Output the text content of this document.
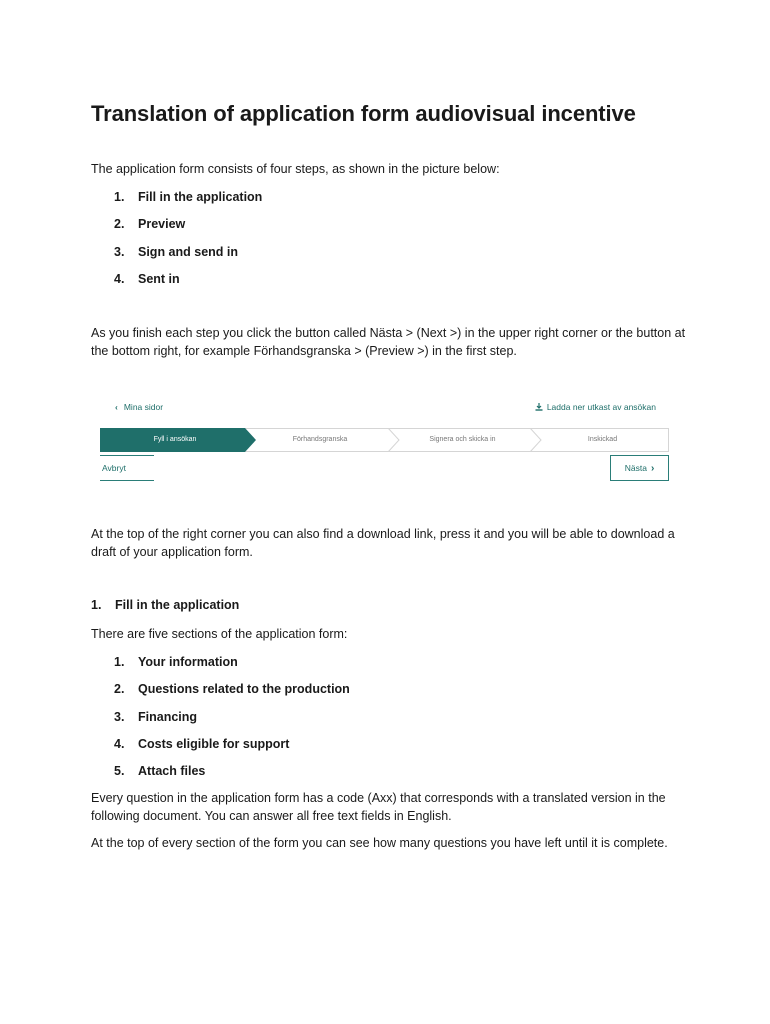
Translation of application form audiovisual incentive

The application form consists of four steps, as shown in the picture below:

1. Fill in the application
2. Preview
3. Sign and send in
4. Sent in

As you finish each step you click the button called Nästa > (Next >) in the upper right corner or the button at the bottom right, for example Förhandsgranska > (Preview >) in the first step.

‹ Mina sidor	Ladda ner utkast av ansökan
Fyll i ansökan	Förhandsgranska	Signera och skicka in	Inskickad
Avbryt	Nästa ›

At the top of the right corner you can also find a download link, press it and you will be able to download a draft of your application form.

1. Fill in the application

There are five sections of the application form:

1. Your information
2. Questions related to the production
3. Financing
4. Costs eligible for support
5. Attach files

Every question in the application form has a code (Axx) that corresponds with a translated version in the following document. You can answer all free text fields in English.

At the top of every section of the form you can see how many questions you have left until it is complete.
